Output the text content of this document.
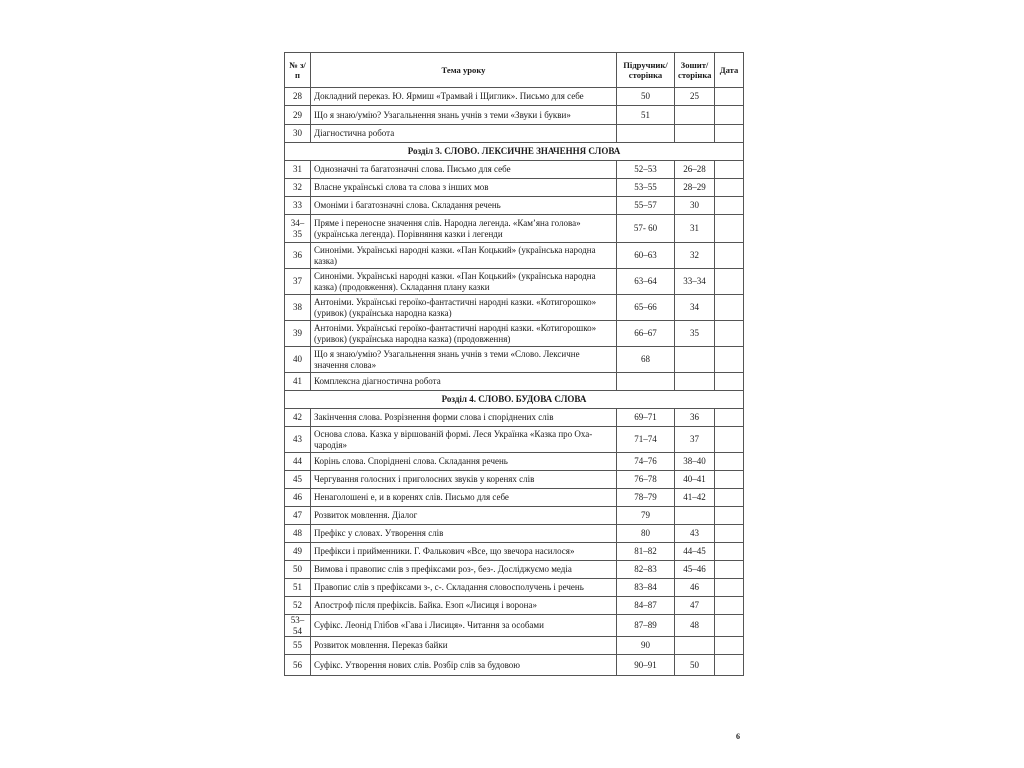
№ з/п	Тема уроку	Підручник/ сторінка	Зошит/ сторінка	Дата
28	Докладний переказ. Ю. Ярмиш «Трамвай і Щиглик». Письмо для себе	50	25	
29	Що я знаю/умію? Узагальнення знань учнів з теми «Звуки і букви»	51		
30	Діагностична робота			
Розділ 3. СЛОВО. ЛЕКСИЧНЕ ЗНАЧЕННЯ СЛОВА				
31	Однозначні та багатозначні слова. Письмо для себе	52–53	26–28	
32	Власне українські слова та слова з інших мов	53–55	28–29	
33	Омоніми і багатозначні слова. Складання речень	55–57	30	
34–35	Пряме і переносне значення слів. Народна легенда. «Кам’яна голова» (українська легенда). Порівняння казки і легенди	57- 60	31	
36	Синоніми. Українські народні казки. «Пан Коцький» (українська народна казка)	60–63	32	
37	Синоніми. Українські народні казки. «Пан Коцький» (українська народна казка) (продовження). Складання плану казки	63–64	33–34	
38	Антоніми. Українські героїко-фантастичні народні казки. «Котигорошко» (уривок) (українська народна казка)	65–66	34	
39	Антоніми. Українські героїко-фантастичні народні казки. «Котигорошко» (уривок) (українська народна казка) (продовження)	66–67	35	
40	Що я знаю/умію? Узагальнення знань учнів з теми «Слово. Лексичне значення слова»	68		
41	Комплексна діагностична робота			
Розділ 4. СЛОВО. БУДОВА СЛОВА				
42	Закінчення слова. Розрізнення форми слова і споріднених слів	69–71	36	
43	Основа слова. Казка у віршованій формі. Леся Українка «Казка про Оха-чародія»	71–74	37	
44	Корінь слова. Споріднені слова. Складання речень	74–76	38–40	
45	Чергування голосних і приголосних звуків у коренях слів	76–78	40–41	
46	Ненаголошені е, и в коренях слів. Письмо для себе	78–79	41–42	
47	Розвиток мовлення. Діалог	79		
48	Префікс у словах. Утворення слів	80	43	
49	Префікси і прийменники. Г. Фалькович «Все, що звечора насилося»	81–82	44–45	
50	Вимова і правопис слів з префіксами роз-, без-. Досліджуємо медіа	82–83	45–46	
51	Правопис слів з префіксами з-, с-. Складання словосполучень і речень	83–84	46	
52	Апостроф після префіксів. Байка. Езоп «Лисиця і ворона»	84–87	47	
53–54	Суфікс. Леонід Глібов «Гава і Лисиця». Читання за особами	87–89	48	
55	Розвиток мовлення. Переказ байки	90		
56	Суфікс. Утворення нових слів. Розбір слів за будовою	90–91	50	
6
